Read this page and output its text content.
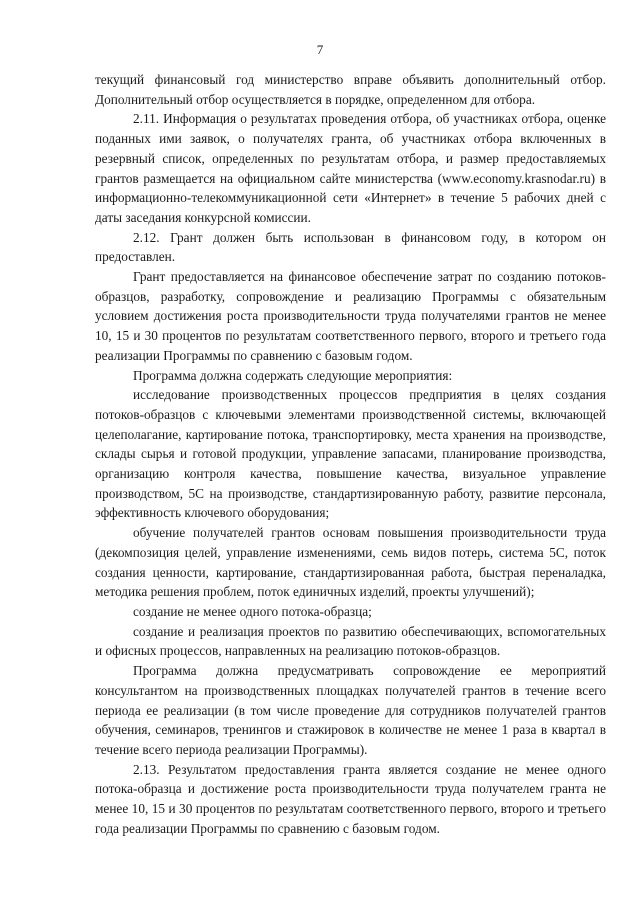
7

текущий финансовый год министерство вправе объявить дополнительный отбор. Дополнительный отбор осуществляется в порядке, определенном для отбора.

2.11. Информация о результатах проведения отбора, об участниках отбора, оценке поданных ими заявок, о получателях гранта, об участниках отбора включенных в резервный список, определенных по результатам отбора, и размер предоставляемых грантов размещается на официальном сайте министерства (www.economy.krasnodar.ru) в информационно-телекоммуникационной сети «Интернет» в течение 5 рабочих дней с даты заседания конкурсной комиссии.

2.12. Грант должен быть использован в финансовом году, в котором он предоставлен.

Грант предоставляется на финансовое обеспечение затрат по созданию потоков-образцов, разработку, сопровождение и реализацию Программы с обязательным условием достижения роста производительности труда получателями грантов не менее 10, 15 и 30 процентов по результатам соответственного первого, второго и третьего года реализации Программы по сравнению с базовым годом.

Программа должна содержать следующие мероприятия:

исследование производственных процессов предприятия в целях создания потоков-образцов с ключевыми элементами производственной системы, включающей целеполагание, картирование потока, транспортировку, места хранения на производстве, склады сырья и готовой продукции, управление запасами, планирование производства, организацию контроля качества, повышение качества, визуальное управление производством, 5С на производстве, стандартизированную работу, развитие персонала, эффективность ключевого оборудования;

обучение получателей грантов основам повышения производительности труда (декомпозиция целей, управление изменениями, семь видов потерь, система 5С, поток создания ценности, картирование, стандартизированная работа, быстрая переналадка, методика решения проблем, поток единичных изделий, проекты улучшений);

создание не менее одного потока-образца;

создание и реализация проектов по развитию обеспечивающих, вспомогательных и офисных процессов, направленных на реализацию потоков-образцов.

Программа должна предусматривать сопровождение ее мероприятий консультантом на производственных площадках получателей грантов в течение всего периода ее реализации (в том числе проведение для сотрудников получателей грантов обучения, семинаров, тренингов и стажировок в количестве не менее 1 раза в квартал в течение всего периода реализации Программы).

2.13. Результатом предоставления гранта является создание не менее одного потока-образца и достижение роста производительности труда получателем гранта не менее 10, 15 и 30 процентов по результатам соответственного первого, второго и третьего года реализации Программы по сравнению с базовым годом.
